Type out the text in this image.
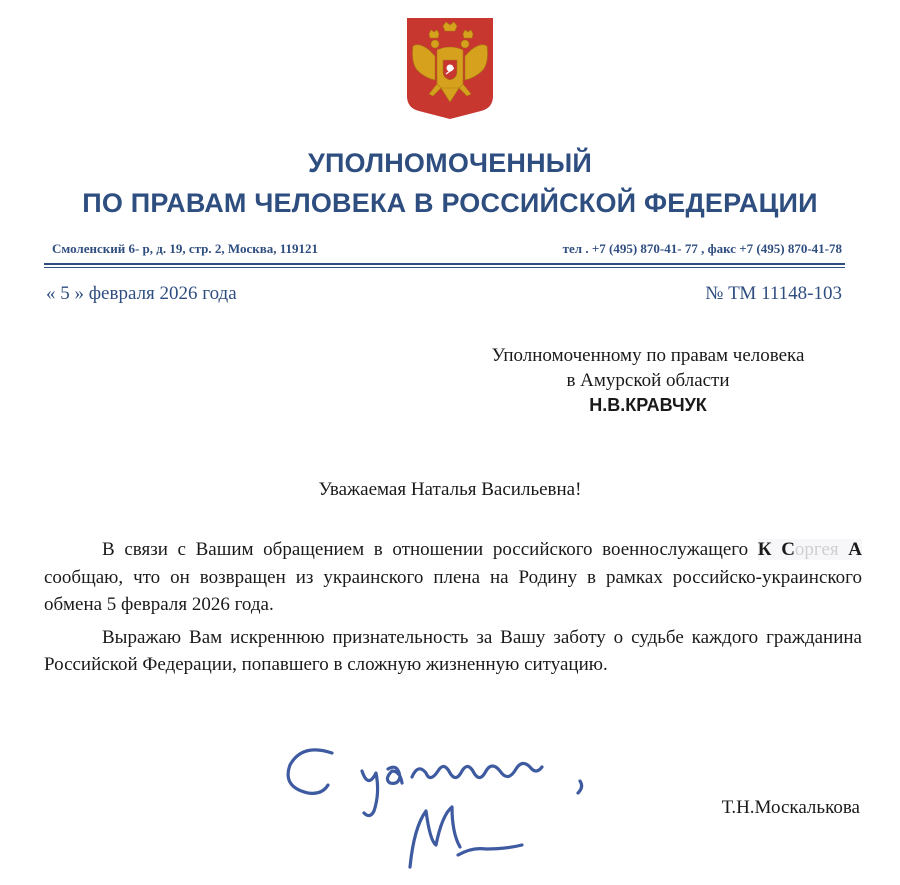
УПОЛНОМОЧЕННЫЙ
ПО ПРАВАМ ЧЕЛОВЕКА В РОССИЙСКОЙ ФЕДЕРАЦИИ
Смоленский 6- р, д. 19, стр. 2, Москва, 119121	тел . +7 (495) 870-41- 77 , факс +7 (495) 870-41-78
« 5 » февраля 2026 года	№ ТМ 11148-103
Уполномоченному по правам человека
в Амурской области
Н.В.КРАВЧУК
Уважаемая Наталья Васильевна!

В связи с Вашим обращением в отношении российского военнослужащего К Соргея А сообщаю, что он возвращен из украинского плена на Родину в рамках российско-украинского обмена 5 февраля 2026 года.

Выражаю Вам искреннюю признательность за Вашу заботу о судьбе каждого гражданина Российской Федерации, попавшего в сложную жизненную ситуацию.

Т.Н.Москалькова
